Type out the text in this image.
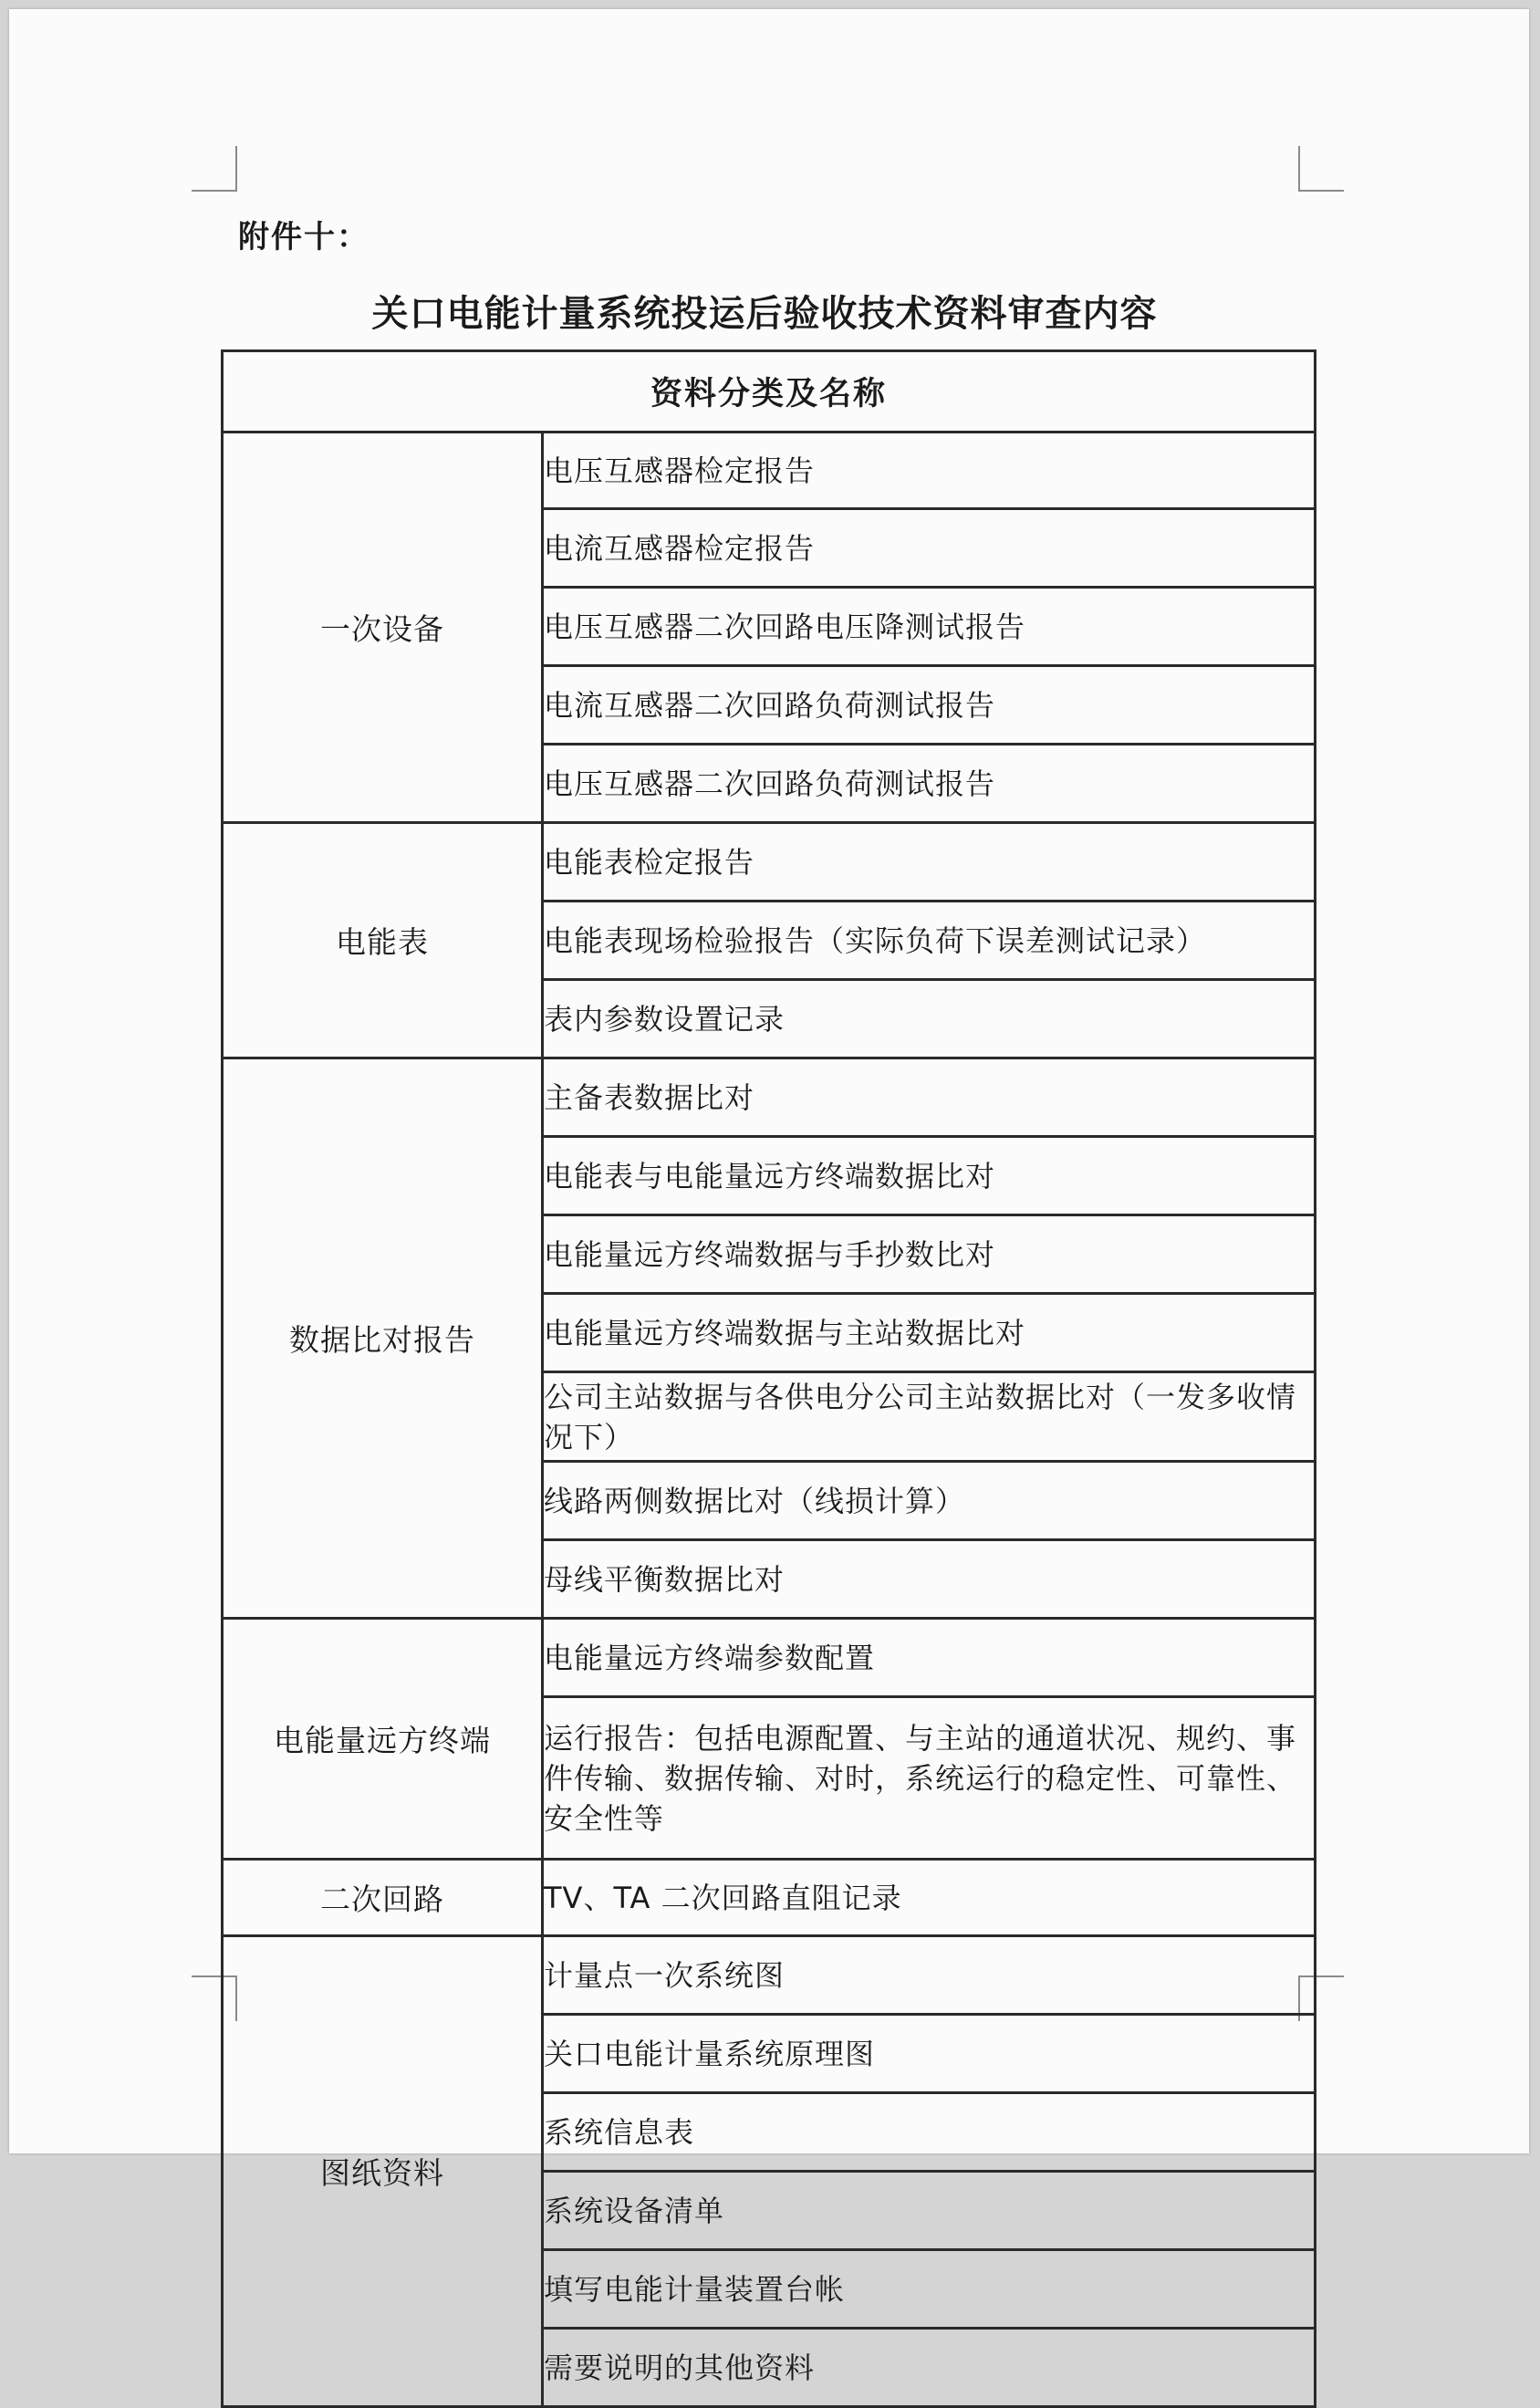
附件十：
关口电能计量系统投运后验收技术资料审查内容
资料分类及名称	
一次设备	电压互感器检定报告
	电流互感器检定报告
	电压互感器二次回路电压降测试报告
	电流互感器二次回路负荷测试报告
	电压互感器二次回路负荷测试报告
电能表	电能表检定报告
	电能表现场检验报告（实际负荷下误差测试记录）
	表内参数设置记录
数据比对报告	主备表数据比对
	电能表与电能量远方终端数据比对
	电能量远方终端数据与手抄数比对
	电能量远方终端数据与主站数据比对
	公司主站数据与各供电分公司主站数据比对（一发多收情况下）
	线路两侧数据比对（线损计算）
	母线平衡数据比对
电能量远方终端	电能量远方终端参数配置
	运行报告：包括电源配置、与主站的通道状况、规约、事件传输、数据传输、对时，系统运行的稳定性、可靠性、安全性等
二次回路	TV、TA 二次回路直阻记录
图纸资料	计量点一次系统图
	关口电能计量系统原理图
	系统信息表
	系统设备清单
	填写电能计量装置台帐
	需要说明的其他资料
